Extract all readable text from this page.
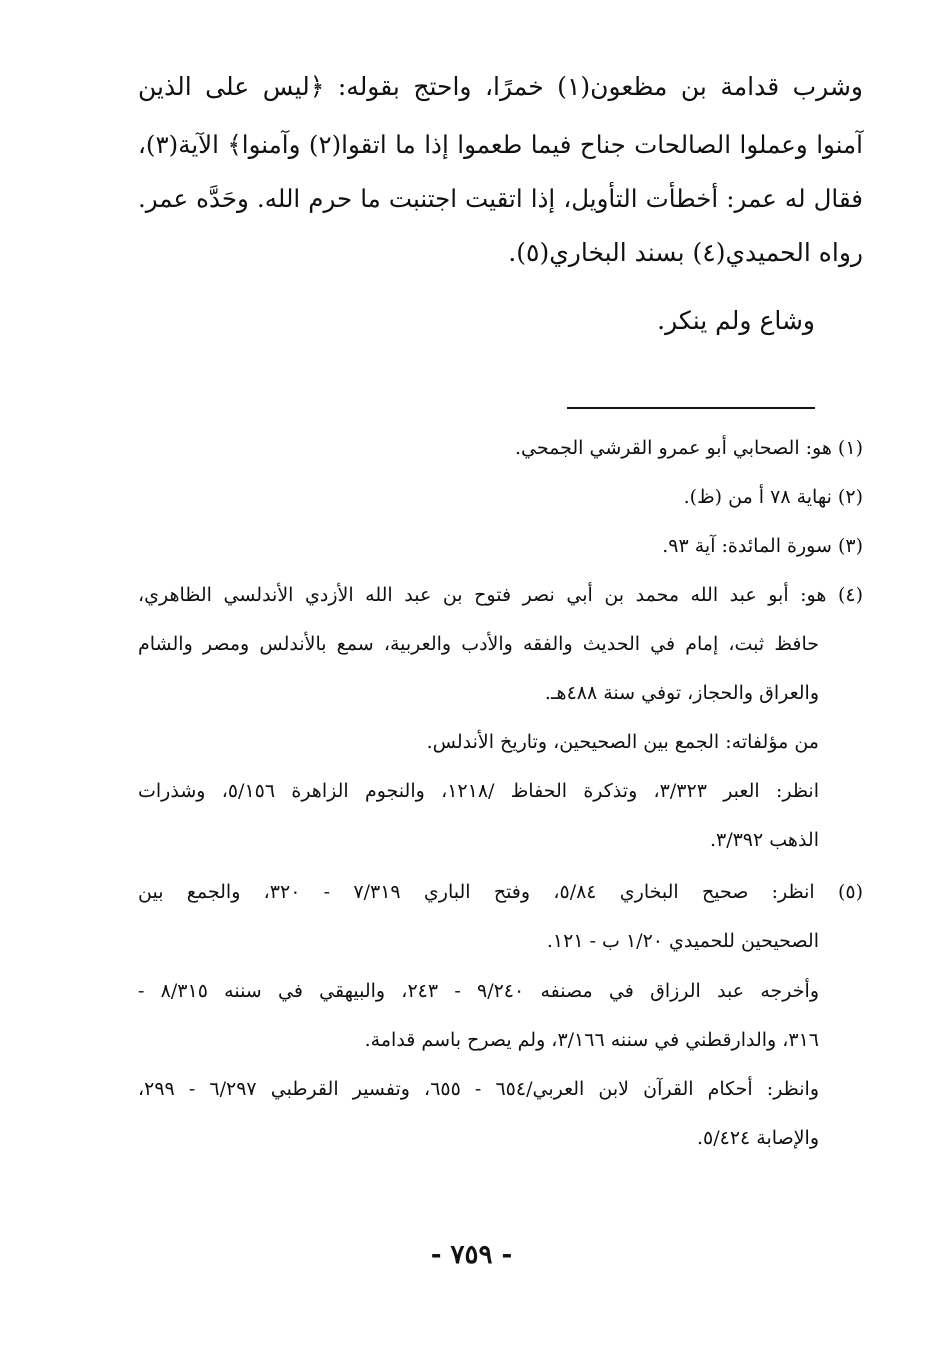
وشرب قدامة بن مظعون(١) خمرًا، واحتج بقوله: ﴿ليس على الذين
آمنوا وعملوا الصالحات جناح فيما طعموا إذا ما اتقوا(٢) وآمنوا﴾ الآية(٣)،
فقال له عمر: أخطأت التأويل، إذا اتقيت اجتنبت ما حرم الله. وحَدَّه عمر.
رواه الحميدي(٤) بسند البخاري(٥).
وشاع ولم ينكر.
(١) هو: الصحابي أبو عمرو القرشي الجمحي.
(٢) نهاية ٧٨ أ من (ظ).
(٣) سورة المائدة: آية ٩٣.
(٤) هو: أبو عبد الله محمد بن أبي نصر فتوح بن عبد الله الأزدي الأندلسي الظاهري،
حافظ ثبت، إمام في الحديث والفقه والأدب والعربية، سمع بالأندلس ومصر والشام
والعراق والحجاز، توفي سنة ٤٨٨هـ.
من مؤلفاته: الجمع بين الصحيحين، وتاريخ الأندلس.
انظر: العبر ٣/٣٢٣، وتذكرة الحفاظ /١٢١٨، والنجوم الزاهرة ٥/١٥٦، وشذرات
الذهب ٣/٣٩٢.
(٥) انظر: صحيح البخاري ٥/٨٤، وفتح الباري ٧/٣١٩ - ٣٢٠، والجمع بين
الصحيحين للحميدي ١/٢٠ ب - ١٢١.
وأخرجه عبد الرزاق في مصنفه ٩/٢٤٠ - ٢٤٣، والبيهقي في سننه ٨/٣١٥ -
٣١٦، والدارقطني في سننه ٣/١٦٦، ولم يصرح باسم قدامة.
وانظر: أحكام القرآن لابن العربي/٦٥٤ - ٦٥٥، وتفسير القرطبي ٦/٢٩٧ - ٢٩٩،
والإصابة ٥/٤٢٤.
- ٧٥٩ -
